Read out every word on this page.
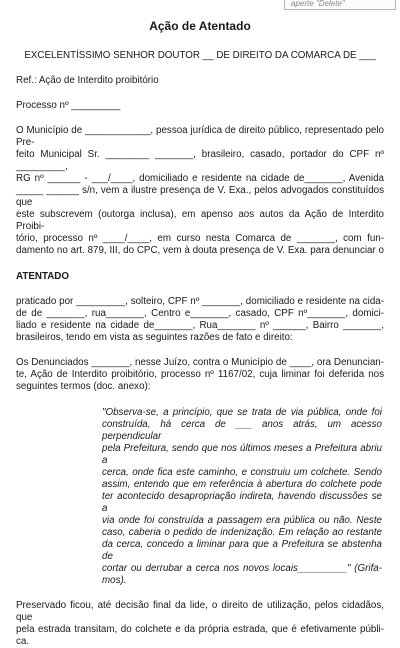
aperte "Delete"
Ação de Atentado

EXCELENTÍSSIMO SENHOR DOUTOR __ DE DIREITO DA COMARCA DE ___

Ref.: Ação de Interdito proibitório

Processo nº _________

O Município de ____________, pessoa jurídica de direito público, representado pelo Pre-

feito Municipal Sr. ________ _______, brasileiro, casado, portador do CPF nº _________,

RG nº ______ - ___/____, domiciliado e residente na cidade de_______, Avenida

_____ ______ s/n, vem a ilustre presença de V. Exa., pelos advogados constituídos que

este subscrevem (outorga inclusa), em apenso aos autos da Ação de Interdito Proibi-

tório, processo nº ____/____, em curso nesta Comarca de _______, com fun-

damento no art. 879, III, do CPC, vem à douta presença de V. Exa. para denunciar o

ATENTADO

praticado por _________, solteiro, CPF nº _______, domiciliado e residente na cida-

de de _______, rua_______, Centro e_______, casado, CPF nº_______, domici-

liado e residente na cidade de_______, Rua_______ nº ______, Bairro _______,

brasileiros, tendo em vista as seguintes razões de fato e direito:

Os Denunciados _______, nesse Juízo, contra o Município de ____, ora Denuncian-

te, Ação de Interdito proibitório, processo nº 1167/02, cuja liminar foi deferida nos

seguintes termos (doc. anexo):

"Observa-se, a princípio, que se trata de via pública, onde foi
construída, há cerca de ___ anos atrás, um acesso perpendicular
pela Prefeitura, sendo que nos últimos meses a Prefeitura abriu a
cerca, onde fica este caminho, e construiu um colchete. Sendo
assim, entendo que em referência à abertura do colchete pode
ter acontecido desapropriação indireta, havendo discussões se a
via onde foi construída a passagem era pública ou não. Neste
caso, caberia o pedido de indenização. Em relação ao restante
da cerca, concedo a liminar para que a Prefeitura se abstenha de
cortar ou derrubar a cerca nos novos locais_________" (Grifa-
mos).

Preservado ficou, até decisão final da lide, o direito de utilização, pelos cidadãos, que

pela estrada transitam, do colchete e da própria estrada, que é efetivamente públi-

ca.
